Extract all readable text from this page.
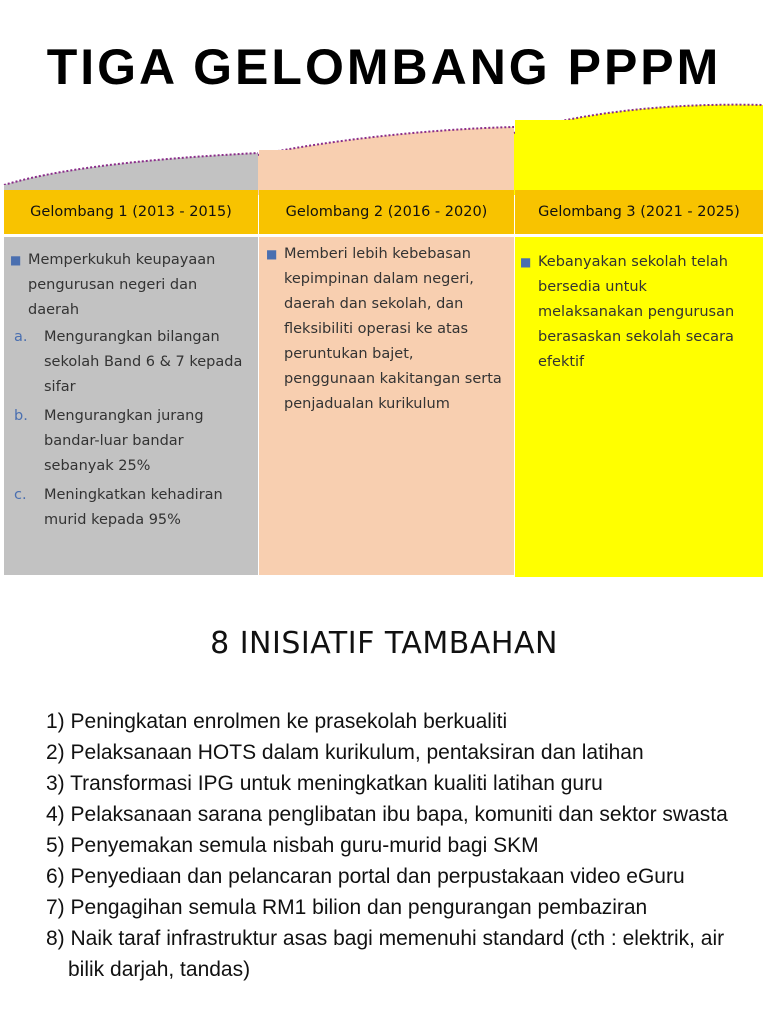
TIGA GELOMBANG PPPM
Gelombang 1 (2013 - 2015)	Gelombang 2 (2016 - 2020)	Gelombang 3 (2021 - 2025)
■ Memperkukuh keupayaan pengurusan negeri dan daerah
a. Mengurangkan bilangan sekolah Band 6 & 7 kepada sifar
b. Mengurangkan jurang bandar-luar bandar sebanyak 25%
c. Meningkatkan kehadiran murid kepada 95%
■ Memberi lebih kebebasan kepimpinan dalam negeri, daerah dan sekolah, dan fleksibiliti operasi ke atas peruntukan bajet, penggunaan kakitangan serta penjadualan kurikulum
■ Kebanyakan sekolah telah bersedia untuk melaksanakan pengurusan berasaskan sekolah secara efektif
8 INISIATIF TAMBAHAN
1) Peningkatan enrolmen ke prasekolah berkualiti
2) Pelaksanaan HOTS dalam kurikulum, pentaksiran dan latihan
3) Transformasi IPG untuk meningkatkan kualiti latihan guru
4) Pelaksanaan sarana penglibatan ibu bapa, komuniti dan sektor swasta
5) Penyemakan semula nisbah guru-murid bagi SKM
6) Penyediaan dan pelancaran portal dan perpustakaan video eGuru
7) Pengagihan semula RM1 bilion dan pengurangan pembaziran
8) Naik taraf infrastruktur asas bagi memenuhi standard (cth : elektrik, air bilik darjah, tandas)
